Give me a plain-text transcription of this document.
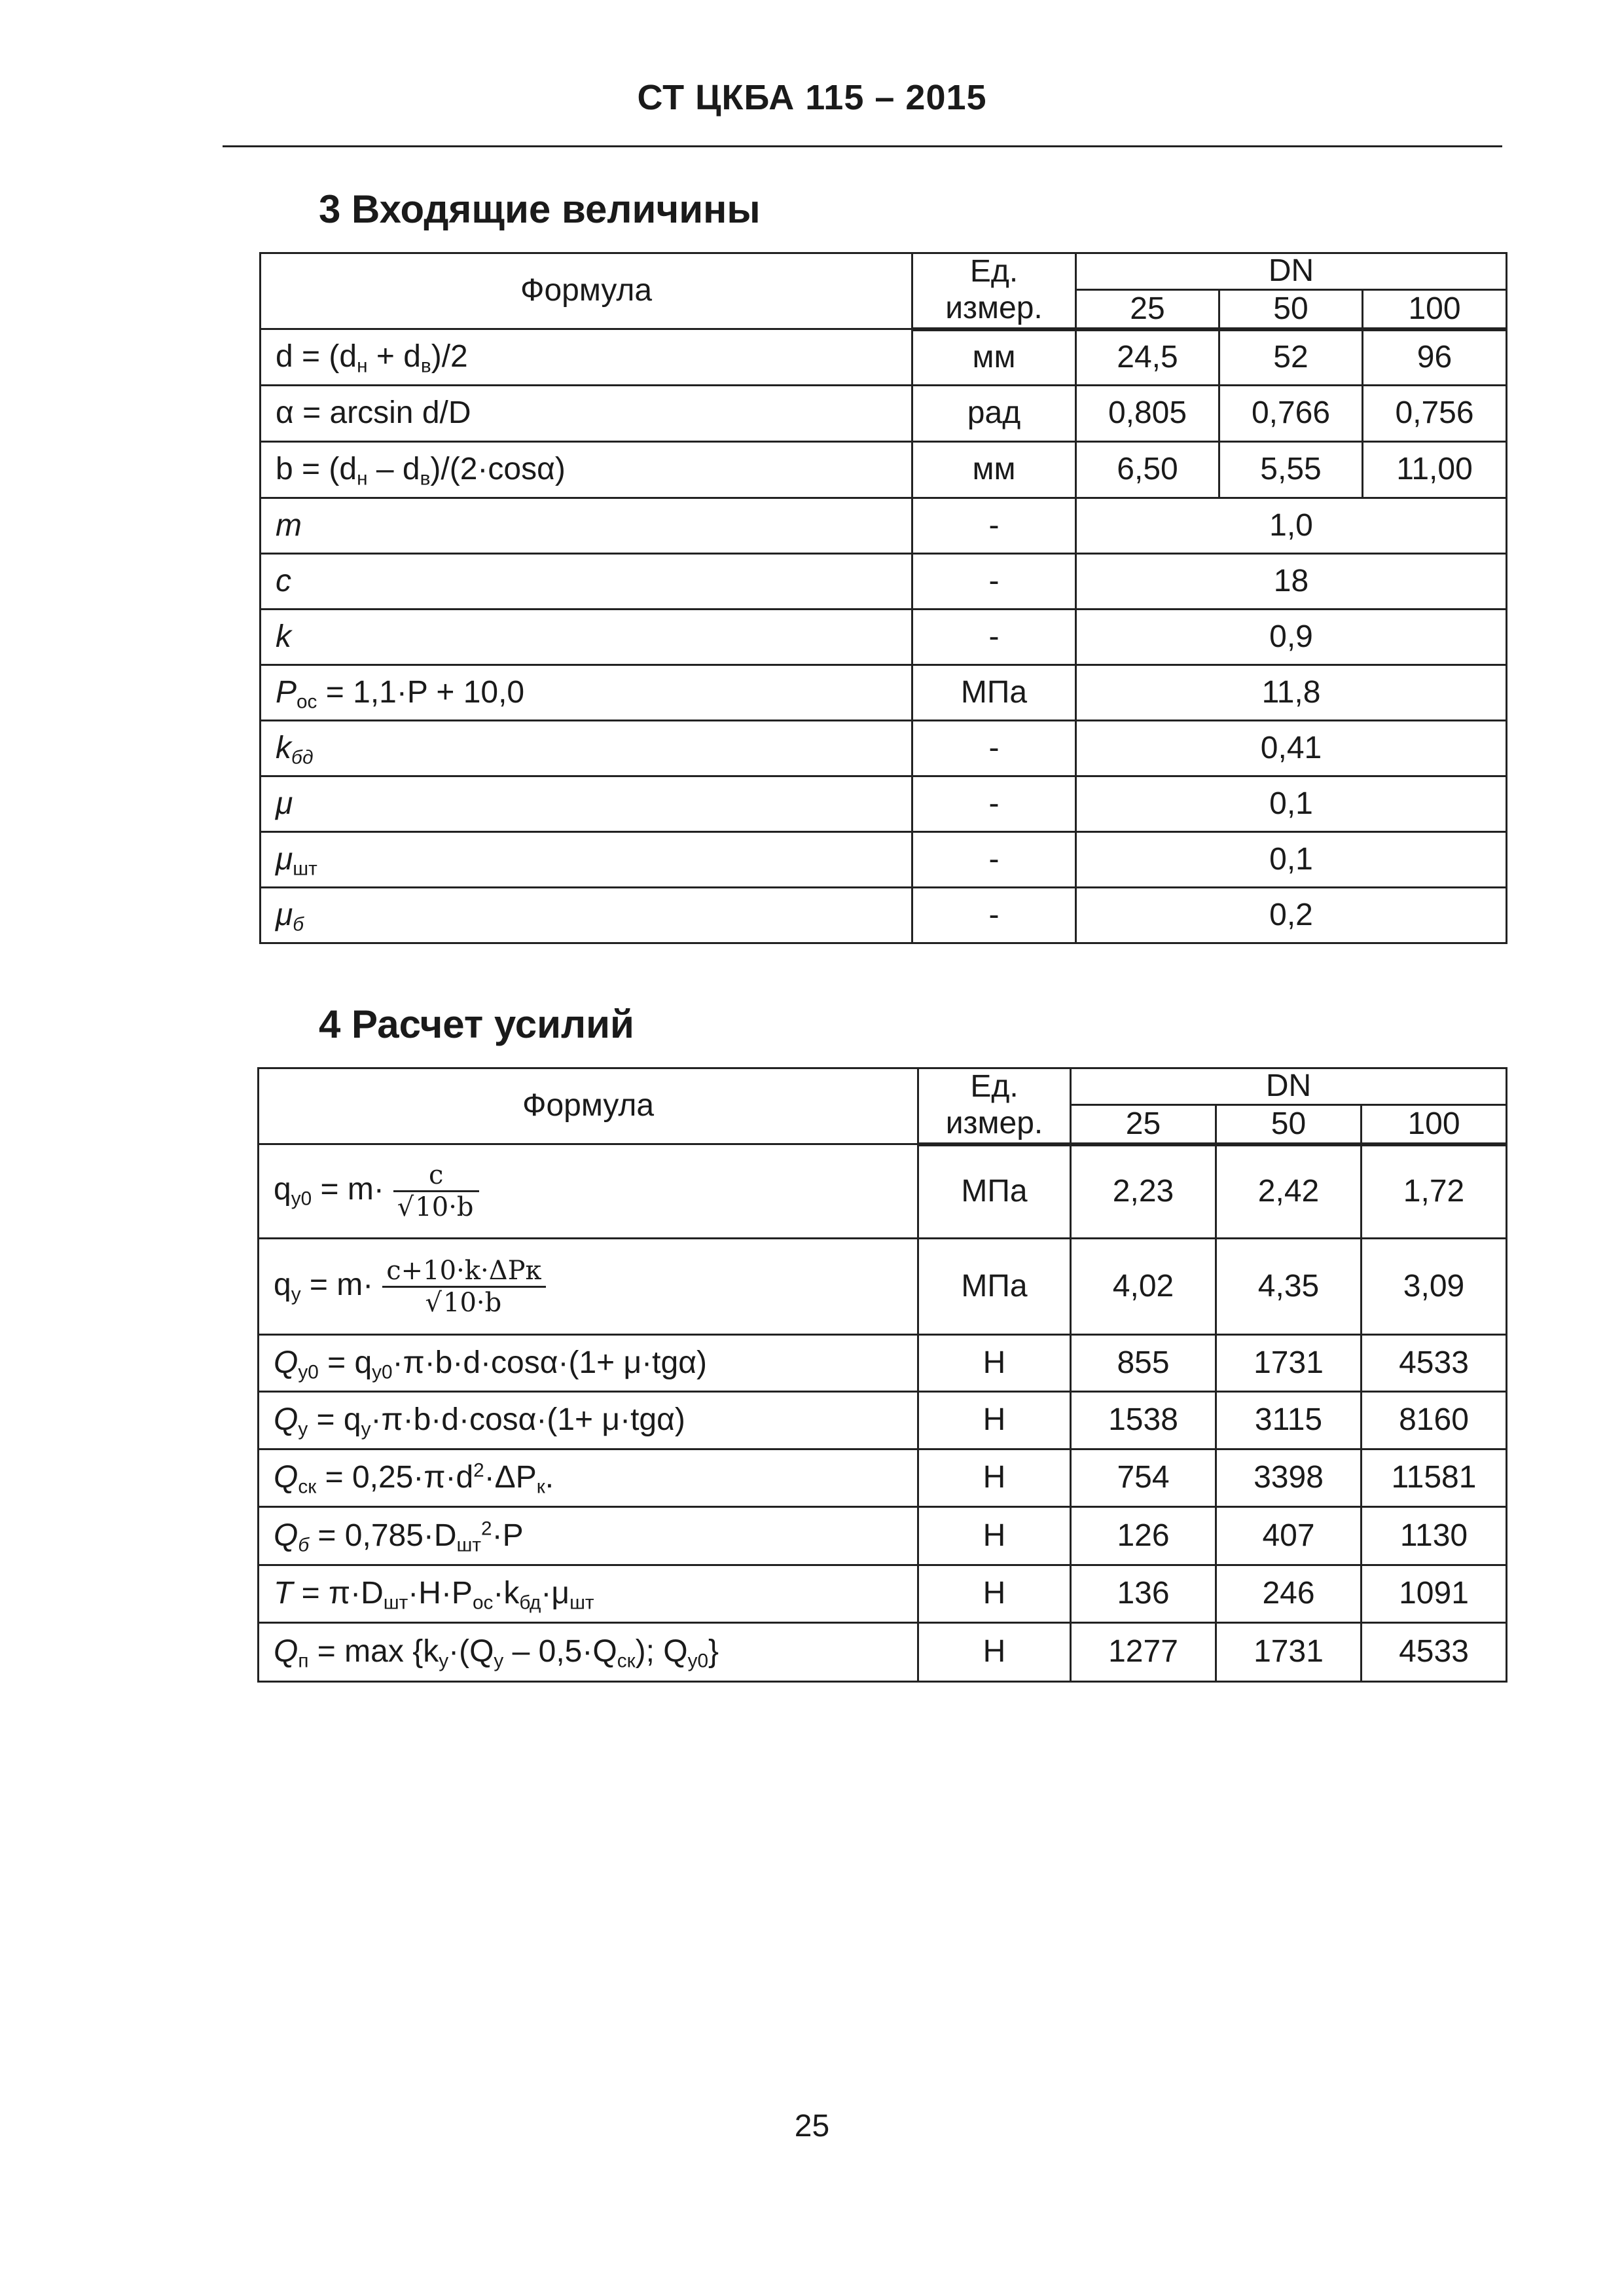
СТ ЦКБА 115 – 2015
3 Входящие величины
Формула	Ед.	DN		
	измер.	25	50	100
$d = (d_н + d_в)/2$	мм	24,5	52	96
α = arcsin d/D	рад	0,805	0,766	0,756
$b = (d_н - d_в)/(2\cdot\cos\alpha)$	мм	6,50	5,55	11,00
m	-	1,0		
c	-	18		
k	-	0,9		
$P_{ос} = 1,1\cdot P + 10,0$	МПа	11,8		
$k_{бд}$	-	0,41		
μ	-	0,1		
$\mu_{шт}$	-	0,1		
$\mu_б$	-	0,2		
4 Расчет усилий
Формула	Ед.	DN		
	измер.	25	50	100
$q_{y0} = m\cdot \frac{c}{√10\cdot b}$	МПа	2,23	2,42	1,72
$q_y = m\cdot \frac{\text{c+10·k·ΔPк}}{√10\cdot b}$	МПа	4,02	4,35	3,09
$Q_{y0} = q_{y0}\cdot\pi\cdot b\cdot d\cdot\cos\alpha\cdot(1+ \mu\cdot tg\alpha)$	Н	855	1731	4533
$Q_y = q_y\cdot\pi\cdot b\cdot d\cdot\cos\alpha\cdot(1+ \mu\cdot tg\alpha)$	Н	1538	3115	8160
$Q_{ск} = 0,25\cdot\pi\cdot d^2\cdot\Delta P_к$.	Н	754	3398	11581
$Q_б = 0,785\cdot D_{шт}^2\cdot P$	Н	126	407	1130
$T = \pi\cdot D_{шт}\cdot H\cdot P_{ос}\cdot k_{бд}\cdot\mu_{шт}$	Н	136	246	1091
$Q_п = \max \{k_y\cdot(Q_y - 0,5\cdot Q_{ск})$; $Q_{y0}$}	Н	1277	1731	4533
25
